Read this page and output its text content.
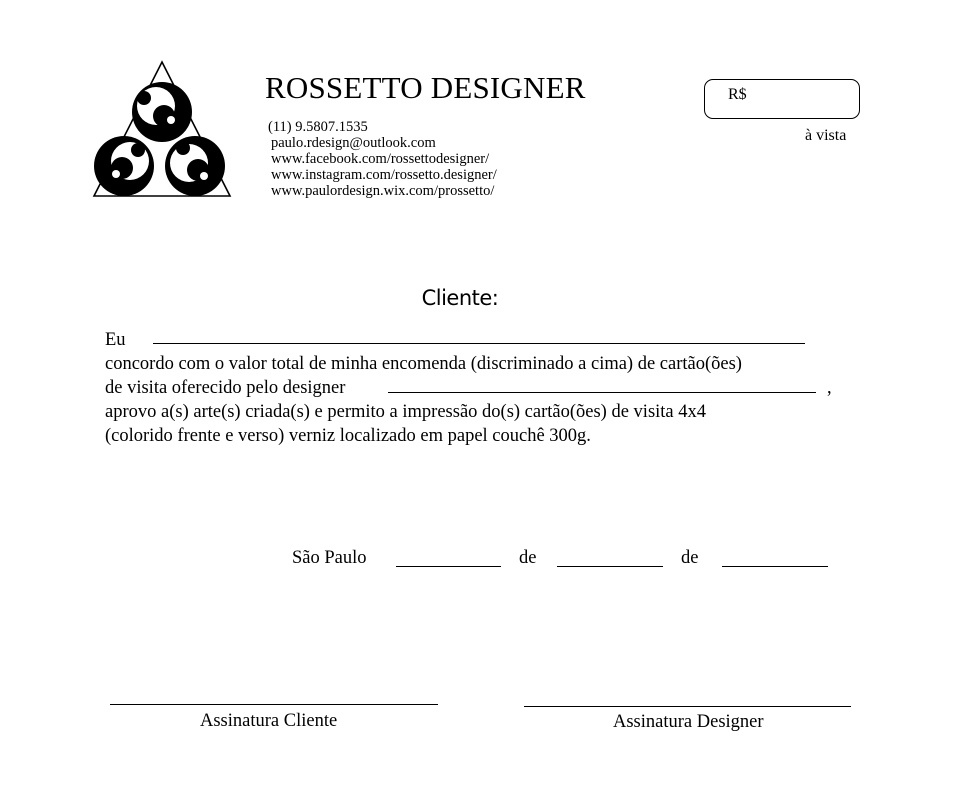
ROSSETTO DESIGNER
(11) 9.5807.1535
paulo.rdesign@outlook.com
www.facebook.com/rossettodesigner/
www.instagram.com/rossetto.designer/
www.paulordesign.wix.com/prossetto/
R$
à vista
Cliente:
Eu
concordo com o valor total de minha encomenda (discriminado a cima) de cartão(ões)
de visita oferecido pelo designer	,
aprovo a(s) arte(s) criada(s) e permito a impressão do(s) cartão(ões) de visita 4x4
(colorido frente e verso) verniz localizado em papel couchê 300g.
São Paulo	de	de
Assinatura Cliente	Assinatura Designer
